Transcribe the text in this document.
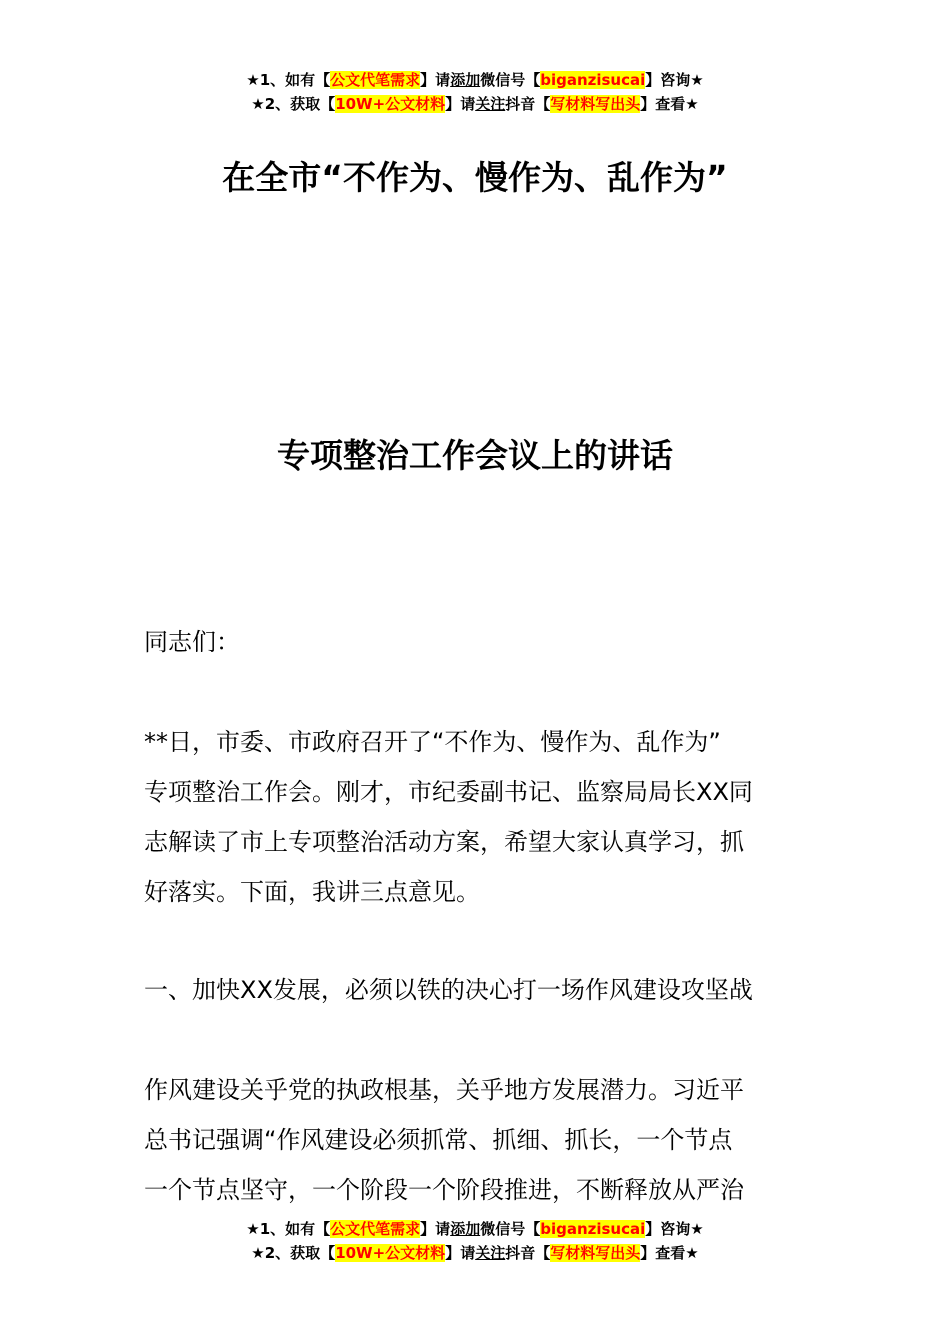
★1、如有【公文代笔需求】请添加微信号【biganzisucai】咨询★
★2、获取【10W+公文材料】请关注抖音【写材料写出头】查看★
在全市“不作为、慢作为、乱作为”
专项整治工作会议上的讲话

同志们：

**日，市委、市政府召开了“不作为、慢作为、乱作为”

专项整治工作会。刚才，市纪委副书记、监察局局长XX同

志解读了市上专项整治活动方案，希望大家认真学习，抓

好落实。下面，我讲三点意见。

一、加快XX发展，必须以铁的决心打一场作风建设攻坚战

作风建设关乎党的执政根基，关乎地方发展潜力。习近平

总书记强调“作风建设必须抓常、抓细、抓长，一个节点

一个节点坚守，一个阶段一个阶段推进，不断释放从严治

★1、如有【公文代笔需求】请添加微信号【biganzisucai】咨询★
★2、获取【10W+公文材料】请关注抖音【写材料写出头】查看★
